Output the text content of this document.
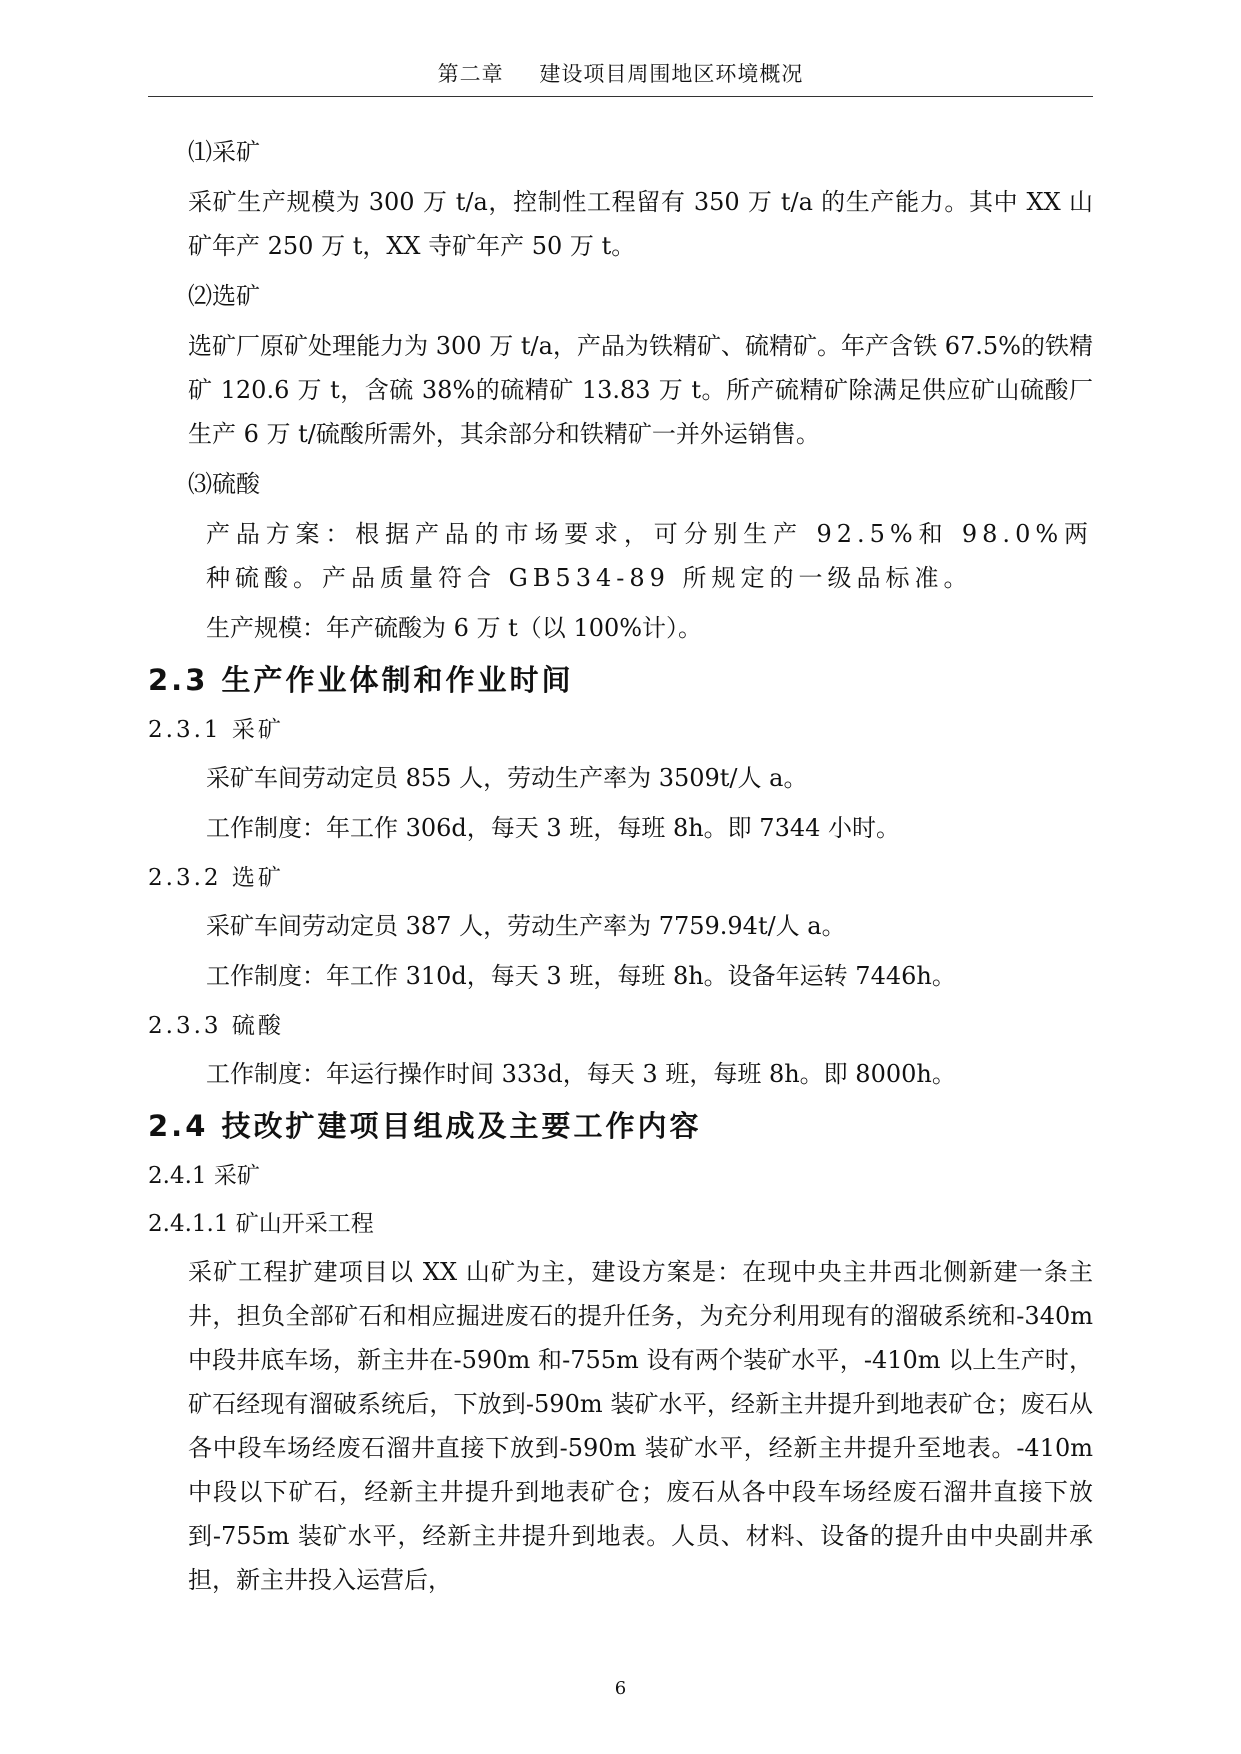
第二章 建设项目周围地区环境概况

⑴采矿

采矿生产规模为 300 万 t/a，控制性工程留有 350 万 t/a 的生产能力。其中 XX 山矿年产 250 万 t，XX 寺矿年产 50 万 t。

⑵选矿

选矿厂原矿处理能力为 300 万 t/a，产品为铁精矿、硫精矿。年产含铁 67.5%的铁精矿 120.6 万 t，含硫 38%的硫精矿 13.83 万 t。所产硫精矿除满足供应矿山硫酸厂生产 6 万 t/硫酸所需外，其余部分和铁精矿一并外运销售。

⑶硫酸

产品方案：根据产品的市场要求，可分别生产 92.5%和 98.0%两种硫酸。产品质量符合 GB534-89 所规定的一级品标准。

生产规模：年产硫酸为 6 万 t（以 100%计）。

2.3 生产作业体制和作业时间

2.3.1 采矿

采矿车间劳动定员 855 人，劳动生产率为 3509t/人 a。

工作制度：年工作 306d，每天 3 班，每班 8h。即 7344 小时。

2.3.2 选矿

采矿车间劳动定员 387 人，劳动生产率为 7759.94t/人 a。

工作制度：年工作 310d，每天 3 班，每班 8h。设备年运转 7446h。

2.3.3 硫酸

工作制度：年运行操作时间 333d，每天 3 班，每班 8h。即 8000h。

2.4 技改扩建项目组成及主要工作内容

2.4.1 采矿

2.4.1.1 矿山开采工程

采矿工程扩建项目以 XX 山矿为主，建设方案是：在现中央主井西北侧新建一条主井，担负全部矿石和相应掘进废石的提升任务，为充分利用现有的溜破系统和-340m 中段井底车场，新主井在-590m 和-755m 设有两个装矿水平，-410m 以上生产时，矿石经现有溜破系统后，下放到-590m 装矿水平，经新主井提升到地表矿仓；废石从各中段车场经废石溜井直接下放到-590m 装矿水平，经新主井提升至地表。-410m 中段以下矿石，经新主井提升到地表矿仓；废石从各中段车场经废石溜井直接下放到-755m 装矿水平，经新主井提升到地表。人员、材料、设备的提升由中央副井承担，新主井投入运营后，

6
